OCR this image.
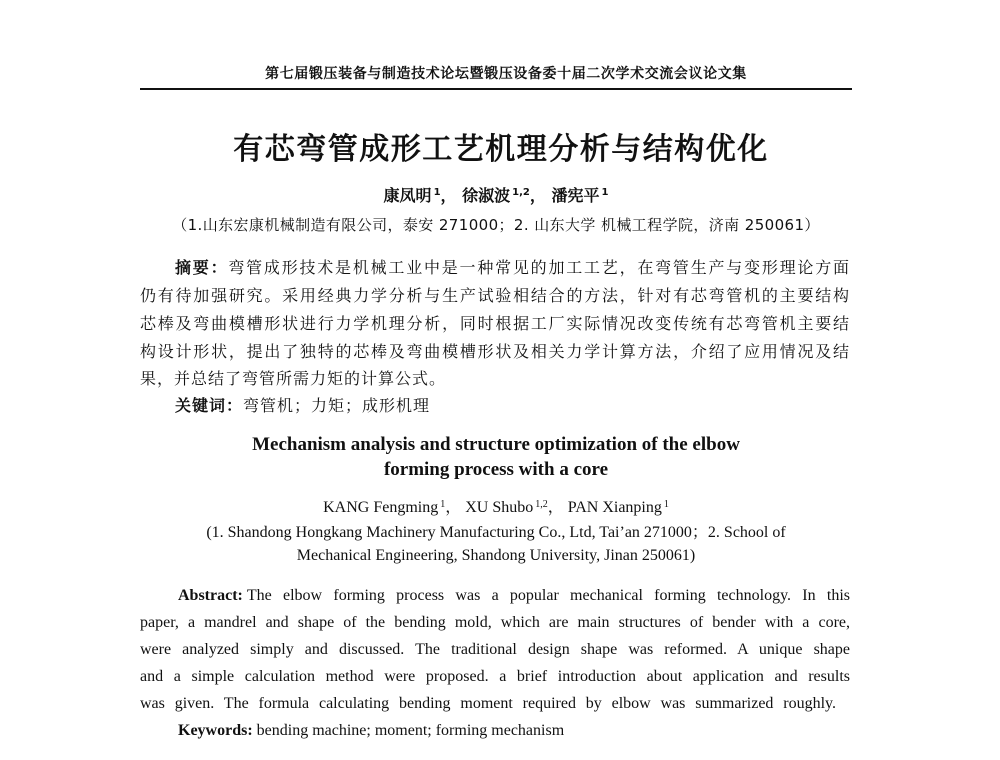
第七届锻压装备与制造技术论坛暨锻压设备委十届二次学术交流会议论文集
有芯弯管成形工艺机理分析与结构优化
康凤明 $^1$， 徐淑波 $^{1,2}$， 潘宪平 $^1$
（1.山东宏康机械制造有限公司，泰安 271000；2. 山东大学 机械工程学院，济南 250061）
摘要：弯管成形技术是机械工业中是一种常见的加工工艺，在弯管生产与变形理论方面
仍有待加强研究。采用经典力学分析与生产试验相结合的方法，针对有芯弯管机的主要结构
芯棒及弯曲模槽形状进行力学机理分析，同时根据工厂实际情况改变传统有芯弯管机主要结
构设计形状，提出了独特的芯棒及弯曲模槽形状及相关力学计算方法，介绍了应用情况及结
果，并总结了弯管所需力矩的计算公式。
关键词：弯管机；力矩；成形机理
Mechanism analysis and structure optimization of the elbow
forming process with a core
KANG Fengming $^1$， XU Shubo $^{1,2}$， PAN Xianping $^1$
(1. Shandong Hongkang Machinery Manufacturing Co., Ltd, Tai’an 271000；2. School of
Mechanical Engineering, Shandong University, Jinan 250061)
Abstract: The elbow forming process was a popular mechanical forming technology. In this
paper, a mandrel and shape of the bending mold, which are main structures of bender with a core,
were analyzed simply and discussed. The traditional design shape was reformed. A unique shape
and a simple calculation method were proposed. a brief introduction about application and results
was given. The formula calculating bending moment required by elbow was summarized roughly.
Keywords: bending machine; moment; forming mechanism
